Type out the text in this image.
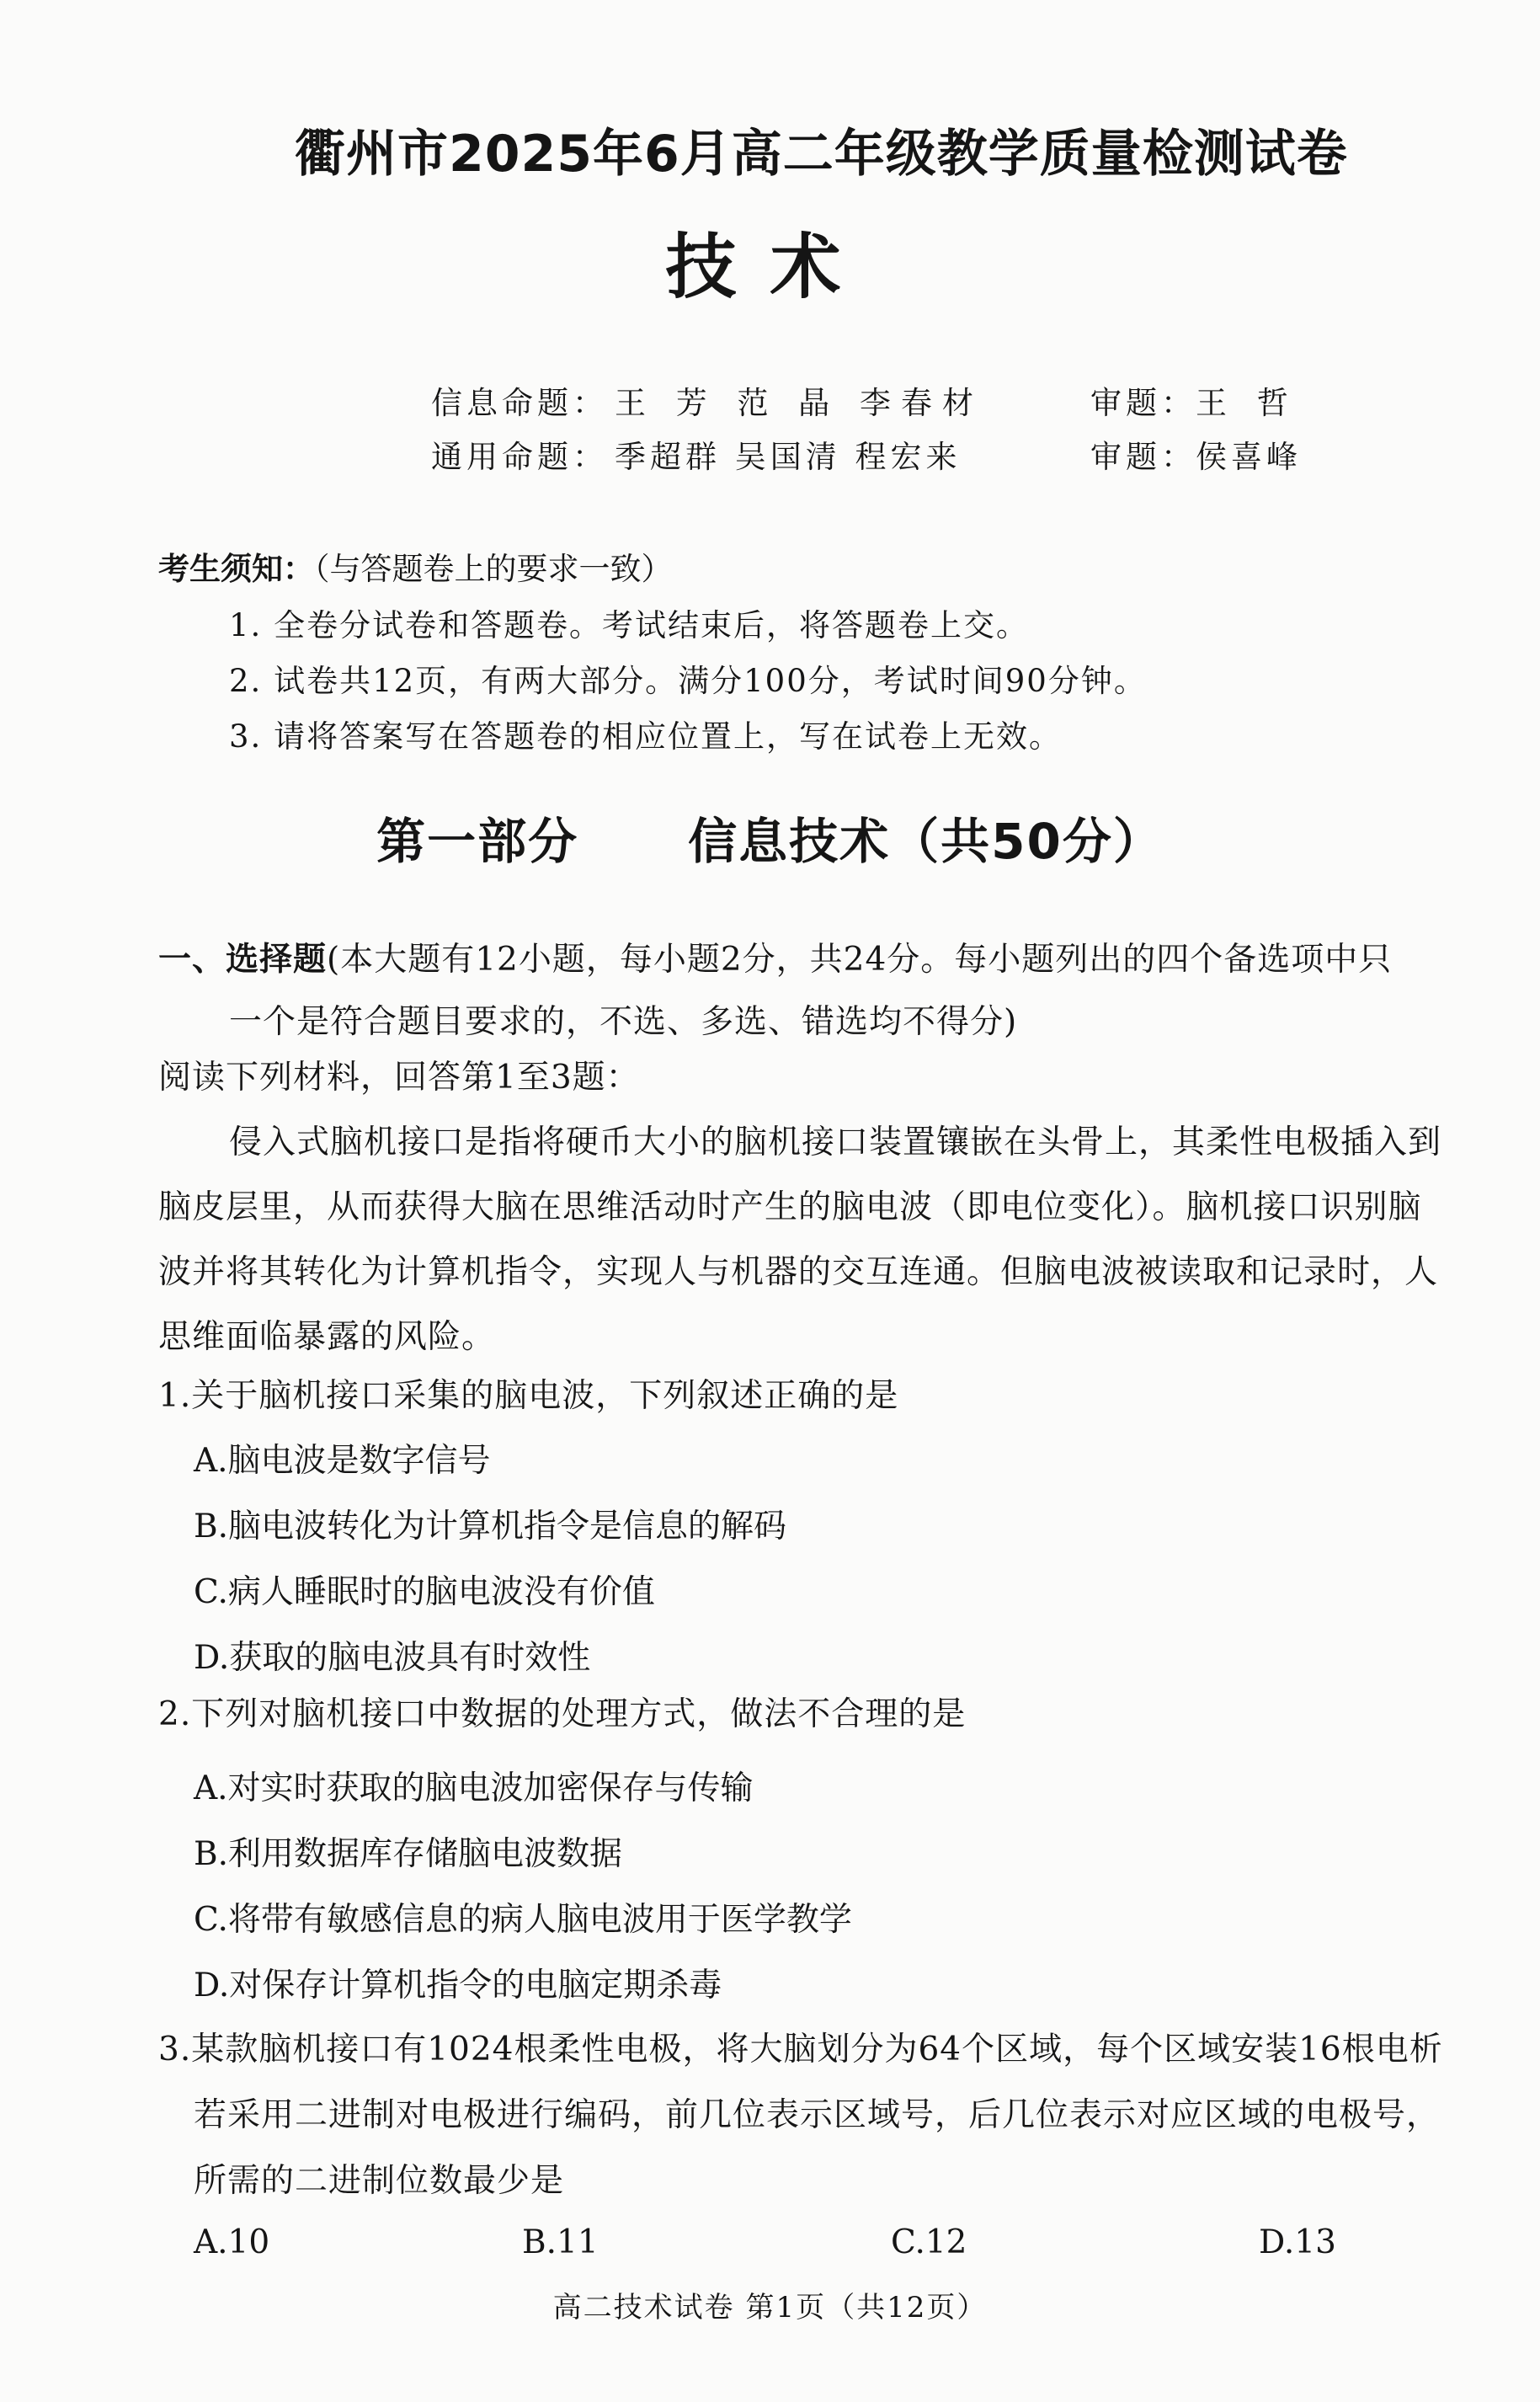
衢州市2025年6月高二年级教学质量检测试卷
技术
信息命题： 王 芳 范 晶 李春材	审题： 王 哲
通用命题： 季超群 吴国清 程宏来	审题： 侯喜峰
考生须知：（与答题卷上的要求一致）
1. 全卷分试卷和答题卷。考试结束后，将答题卷上交。
2. 试卷共12页，有两大部分。满分100分，考试时间90分钟。
3. 请将答案写在答题卷的相应位置上，写在试卷上无效。
第一部分 信息技术（共50分）
一、选择题(本大题有12小题，每小题2分，共24分。每小题列出的四个备选项中只
一个是符合题目要求的，不选、多选、错选均不得分)
阅读下列材料，回答第1至3题：
侵入式脑机接口是指将硬币大小的脑机接口装置镶嵌在头骨上，其柔性电极插入到
脑皮层里，从而获得大脑在思维活动时产生的脑电波（即电位变化）。脑机接口识别脑
波并将其转化为计算机指令，实现人与机器的交互连通。但脑电波被读取和记录时，人
思维面临暴露的风险。
1.关于脑机接口采集的脑电波，下列叙述正确的是
A.脑电波是数字信号
B.脑电波转化为计算机指令是信息的解码
C.病人睡眠时的脑电波没有价值
D.获取的脑电波具有时效性
2.下列对脑机接口中数据的处理方式，做法不合理的是
A.对实时获取的脑电波加密保存与传输
B.利用数据库存储脑电波数据
C.将带有敏感信息的病人脑电波用于医学教学
D.对保存计算机指令的电脑定期杀毒
3.某款脑机接口有1024根柔性电极，将大脑划分为64个区域，每个区域安装16根电析
若采用二进制对电极进行编码，前几位表示区域号，后几位表示对应区域的电极号，
所需的二进制位数最少是
A.10	B.11	C.12	D.13
高二技术试卷 第1页（共12页）
